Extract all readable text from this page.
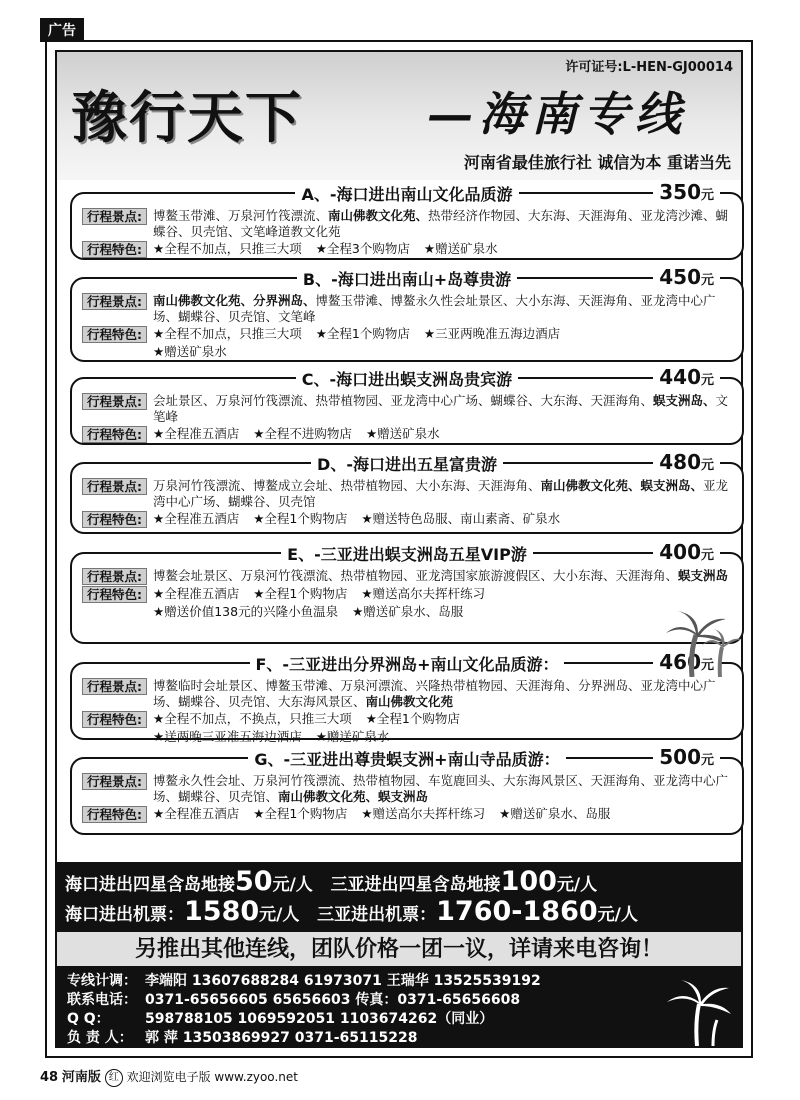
广告
许可证号:L-HEN-GJ00014
豫行天下	—海南专线
河南省最佳旅行社 诚信为本 重诺当先
A、-海口进出南山文化品质游	350元
行程景点: 博鳌玉带滩、万泉河竹筏漂流、南山佛教文化苑、热带经济作物园、大东海、天涯海角、亚龙湾沙滩、蝴蝶谷、贝壳馆、文笔峰道教文化苑
行程特色: ★全程不加点，只推三大项 ★全程3个购物店 ★赠送矿泉水
B、-海口进出南山+岛尊贵游	450元
行程景点: 南山佛教文化苑、分界洲岛、博鳌玉带滩、博鳌永久性会址景区、大小东海、天涯海角、亚龙湾中心广场、蝴蝶谷、贝壳馆、文笔峰
行程特色: ★全程不加点，只推三大项 ★全程1个购物店 ★三亚两晚准五海边酒店
★赠送矿泉水
C、-海口进出蜈支洲岛贵宾游	440元
行程景点: 会址景区、万泉河竹筏漂流、热带植物园、亚龙湾中心广场、蝴蝶谷、大东海、天涯海角、蜈支洲岛、文笔峰
行程特色: ★全程准五酒店 ★全程不进购物店 ★赠送矿泉水
D、-海口进出五星富贵游	480元
行程景点: 万泉河竹筏漂流、博鳌成立会址、热带植物园、大小东海、天涯海角、南山佛教文化苑、蜈支洲岛、亚龙湾中心广场、蝴蝶谷、贝壳馆
行程特色: ★全程准五酒店 ★全程1个购物店 ★赠送特色岛服、南山素斋、矿泉水
E、-三亚进出蜈支洲岛五星VIP游	400元
行程景点: 博鳌会址景区、万泉河竹筏漂流、热带植物园、亚龙湾国家旅游渡假区、大小东海、天涯海角、蜈支洲岛
行程特色: ★全程准五酒店 ★全程1个购物店 ★赠送高尔夫挥杆练习
★赠送价值138元的兴隆小鱼温泉 ★赠送矿泉水、岛服
F、-三亚进出分界洲岛+南山文化品质游：	460元
行程景点: 博鳌临时会址景区、博鳌玉带滩、万泉河漂流、兴隆热带植物园、天涯海角、分界洲岛、亚龙湾中心广场、蝴蝶谷、贝壳馆、大东海风景区、南山佛教文化苑
行程特色: ★全程不加点，不换点，只推三大项 ★全程1个购物店
★送两晚三亚准五海边酒店 ★赠送矿泉水
G、-三亚进出尊贵蜈支洲+南山寺品质游：	500元
行程景点: 博鳌永久性会址、万泉河竹筏漂流、热带植物园、车览鹿回头、大东海风景区、天涯海角、亚龙湾中心广场、蝴蝶谷、贝壳馆、南山佛教文化苑、蜈支洲岛
行程特色: ★全程准五酒店 ★全程1个购物店 ★赠送高尔夫挥杆练习 ★赠送矿泉水、岛服
海口进出四星含岛地接50元/人 三亚进出四星含岛地接100元/人
海口进出机票：1580元/人 三亚进出机票：1760-1860元/人
另推出其他连线，团队价格一团一议，详请来电咨询！
专线计调： 李端阳 13607688284 61973071 王瑞华 13525539192
联系电话： 0371-65656605 65656603 传真：0371-65656608
Q Q：	598788105 1069592051 1103674262（同业）
负 责 人： 郭 萍 13503869927 0371-65115228
48 河南版 红 欢迎浏览电子版 www.zyoo.net
